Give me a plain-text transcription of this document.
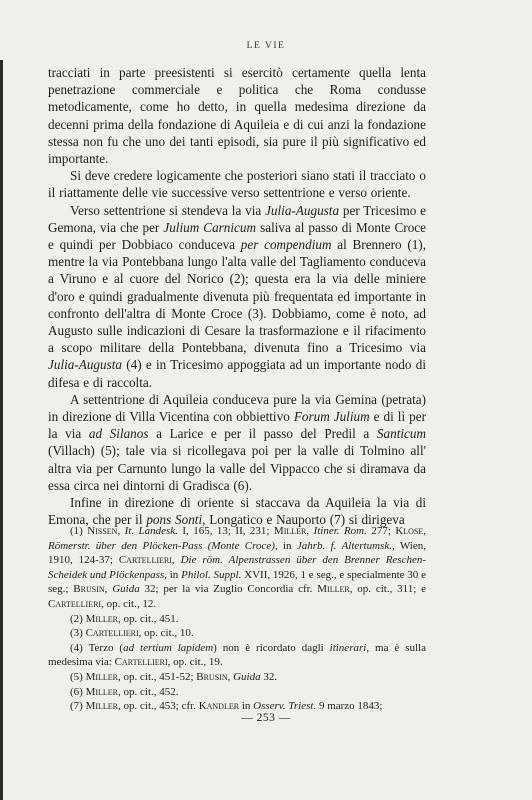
LE VIE

tracciati in parte preesistenti si esercitò certamente quella lenta penetrazione commerciale e politica che Roma condusse metodicamente, come ho detto, in quella medesima direzione da decenni prima della fondazione di Aquileia e di cui anzi la fondazione stessa non fu che uno dei tanti episodi, sia pure il più significativo ed importante.

Si deve credere logicamente che posteriori siano stati il tracciato o il riattamente delle vie successive verso settentrione e verso oriente.

Verso settentrione si stendeva la via Julia-Augusta per Tricesimo e Gemona, via che per Julium Carnicum saliva al passo di Monte Croce e quindi per Dobbiaco conduceva per compendium al Brennero (1), mentre la via Pontebbana lungo l'alta valle del Tagliamento conduceva a Viruno e al cuore del Norico (2); questa era la via delle miniere d'oro e quindi gradualmente divenuta più frequentata ed importante in confronto dell'altra di Monte Croce (3). Dobbiamo, come è noto, ad Augusto sulle indicazioni di Cesare la trasformazione e il rifacimento a scopo militare della Pontebbana, divenuta fino a Tricesimo via Julia-Augusta (4) e in Tricesimo appoggiata ad un importante nodo di difesa e di raccolta.

A settentrione di Aquileia conduceva pure la via Gemina (petrata) in direzione di Villa Vicentina con obbiettivo Forum Julium e di lì per la via ad Silanos a Larice e per il passo del Predil a Santicum (Villach) (5); tale via si ricollegava poi per la valle di Tolmino all' altra via per Carnunto lungo la valle del Vippacco che si diramava da essa circa nei dintorni di Gradisca (6).

Infine in direzione di oriente si staccava da Aquileia la via di Emona, che per il pons Sonti, Longatico e Nauporto (7) si dirigeva

(1) Nissen, It. Landesk. I, 165, 13; II, 231; Miller, Itiner. Rom. 277; Klose, Römerstr. über den Plöcken-Pass (Monte Croce), in Jahrb. f. Altertumsk., Wien, 1910, 124-37; Cartellieri, Die röm. Alpenstrassen über den Brenner Reschen-Scheidek und Plöckenpass, in Philol. Suppl. XVII, 1926, 1 e seg., e specialmente 30 e seg.; Brusin, Guida 32; per la via Zuglio Concordia cfr. Miller, op. cit., 311; e Cartellieri, op. cit., 12.

(2) Miller, op. cit., 451.

(3) Cartellieri, op. cit., 10.

(4) Terzo (ad tertium lapidem) non è ricordato dagli itinerari, ma è sulla medesima via: Cartellieri, op. cit., 19.

(5) Miller, op. cit., 451-52; Brusin, Guida 32.

(6) Miller, op. cit., 452.

(7) Miller, op. cit., 453; cfr. Kandler in Osserv. Triest. 9 marzo 1843;

— 253 —
